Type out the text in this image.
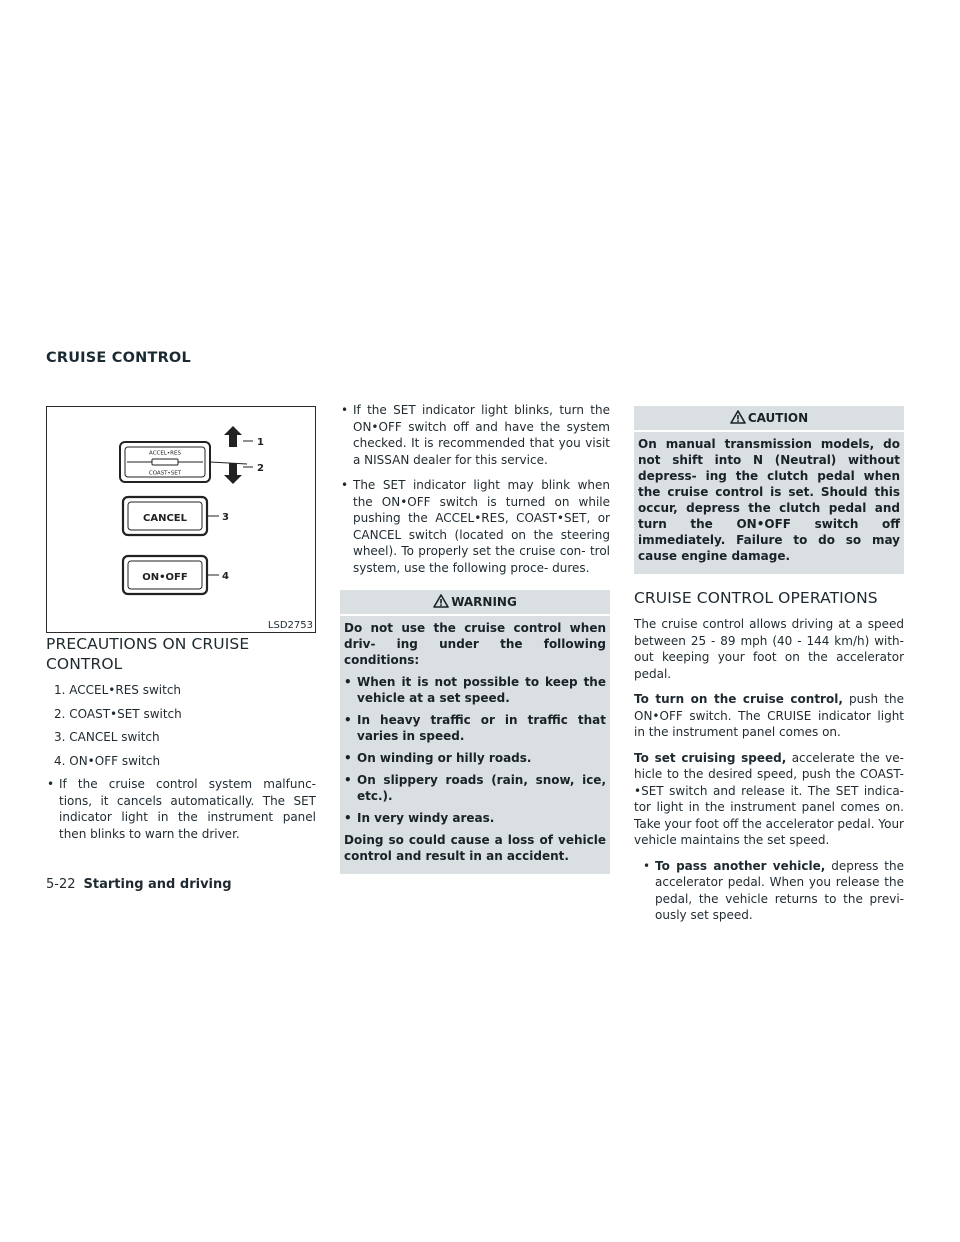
CRUISE CONTROL
ACCEL•RES
COAST•SET
1
2
CANCEL	3
ON•OFF	4
LSD2753
PRECAUTIONS ON CRUISE CONTROL
1. ACCEL•RES switch
2. COAST•SET switch
3. CANCEL switch
4. ON•OFF switch
• If the cruise control system malfunc- tions, it cancels automatically. The SET indicator light in the instrument panel then blinks to warn the driver.
• If the SET indicator light blinks, turn the ON•OFF switch off and have the system checked. It is recommended that you visit a NISSAN dealer for this service.
• The SET indicator light may blink when the ON•OFF switch is turned on while pushing the ACCEL•RES, COAST•SET, or CANCEL switch (located on the steering wheel). To properly set the cruise con- trol system, use the following proce- dures.
WARNING

Do not use the cruise control when driv- ing under the following conditions:

• When it is not possible to keep the vehicle at a set speed.
• In heavy traffic or in traffic that varies in speed.
• On winding or hilly roads.
• On slippery roads (rain, snow, ice, etc.).
• In very windy areas.

Doing so could cause a loss of vehicle control and result in an accident.

CAUTION

On manual transmission models, do not shift into N (Neutral) without depress- ing the clutch pedal when the cruise control is set. Should this occur, depress the clutch pedal and turn the ON•OFF switch off immediately. Failure to do so may cause engine damage.

CRUISE CONTROL OPERATIONS

The cruise control allows driving at a speed between 25 - 89 mph (40 - 144 km/h) with- out keeping your foot on the accelerator pedal.

To turn on the cruise control, push the ON•OFF switch. The CRUISE indicator light in the instrument panel comes on.

To set cruising speed, accelerate the ve- hicle to the desired speed, push the COAST- •SET switch and release it. The SET indica- tor light in the instrument panel comes on. Take your foot off the accelerator pedal. Your vehicle maintains the set speed.

• To pass another vehicle, depress the accelerator pedal. When you release the pedal, the vehicle returns to the previ- ously set speed.
5-22 Starting and driving
